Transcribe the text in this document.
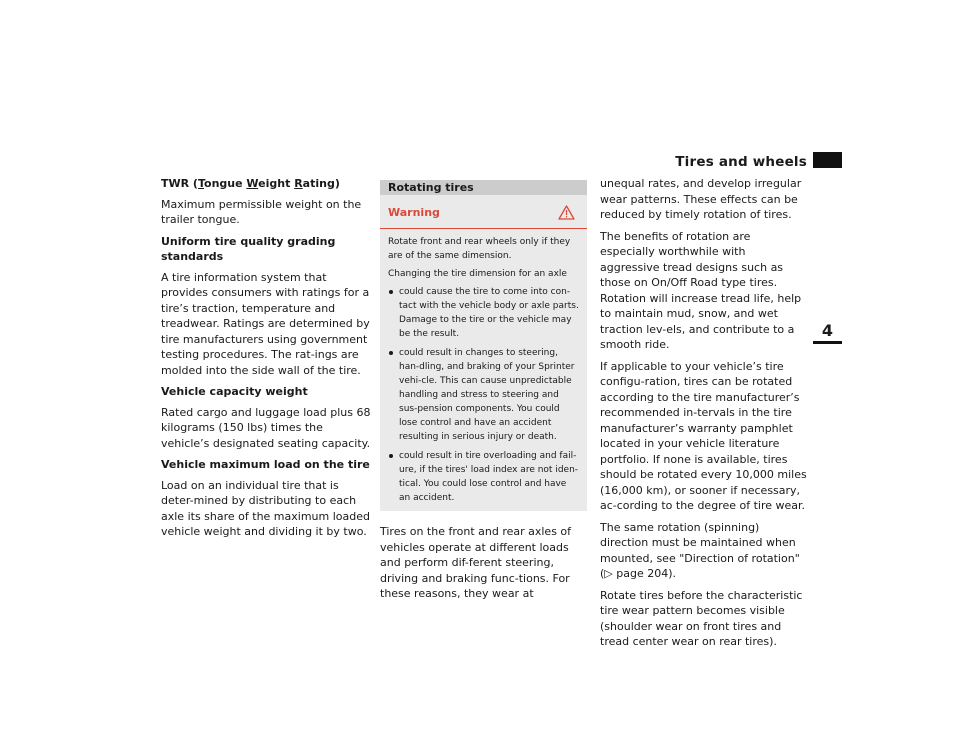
Tires and wheels
4

TWR (Tongue Weight Rating)

Maximum permissible weight on the trailer tongue.

Uniform tire quality grading standards

A tire information system that provides consumers with ratings for a tire’s traction, temperature and treadwear. Ratings are determined by tire manufacturers using government testing procedures. The rat-ings are molded into the side wall of the tire.

Vehicle capacity weight

Rated cargo and luggage load plus 68 kilograms (150 lbs) times the vehicle’s designated seating capacity.

Vehicle maximum load on the tire

Load on an individual tire that is deter-mined by distributing to each axle its share of the maximum loaded vehicle weight and dividing it by two.

Rotating tires
Warning

Rotate front and rear wheels only if they are of the same dimension.

Changing the tire dimension for an axle

could cause the tire to come into con-tact with the vehicle body or axle parts. Damage to the tire or the vehicle may be the result.
could result in changes to steering, han-dling, and braking of your Sprinter vehi-cle. This can cause unpredictable handling and stress to steering and sus-pension components. You could lose control and have an accident resulting in serious injury or death.
could result in tire overloading and fail-ure, if the tires' load index are not iden-tical. You could lose control and have an accident.

Tires on the front and rear axles of vehicles operate at different loads and perform dif-ferent steering, driving and braking func-tions. For these reasons, they wear at

unequal rates, and develop irregular wear patterns. These effects can be reduced by timely rotation of tires.

The benefits of rotation are especially worthwhile with aggressive tread designs such as those on On/Off Road type tires. Rotation will increase tread life, help to maintain mud, snow, and wet traction lev-els, and contribute to a smooth ride.

If applicable to your vehicle’s tire configu-ration, tires can be rotated according to the tire manufacturer’s recommended in-tervals in the tire manufacturer’s warranty pamphlet located in your vehicle literature portfolio. If none is available, tires should be rotated every 10,000 miles (16,000 km), or sooner if necessary, ac-cording to the degree of tire wear.

The same rotation (spinning) direction must be maintained when mounted, see "Direction of rotation" (▷ page 204).

Rotate tires before the characteristic tire wear pattern becomes visible (shoulder wear on front tires and tread center wear on rear tires).
